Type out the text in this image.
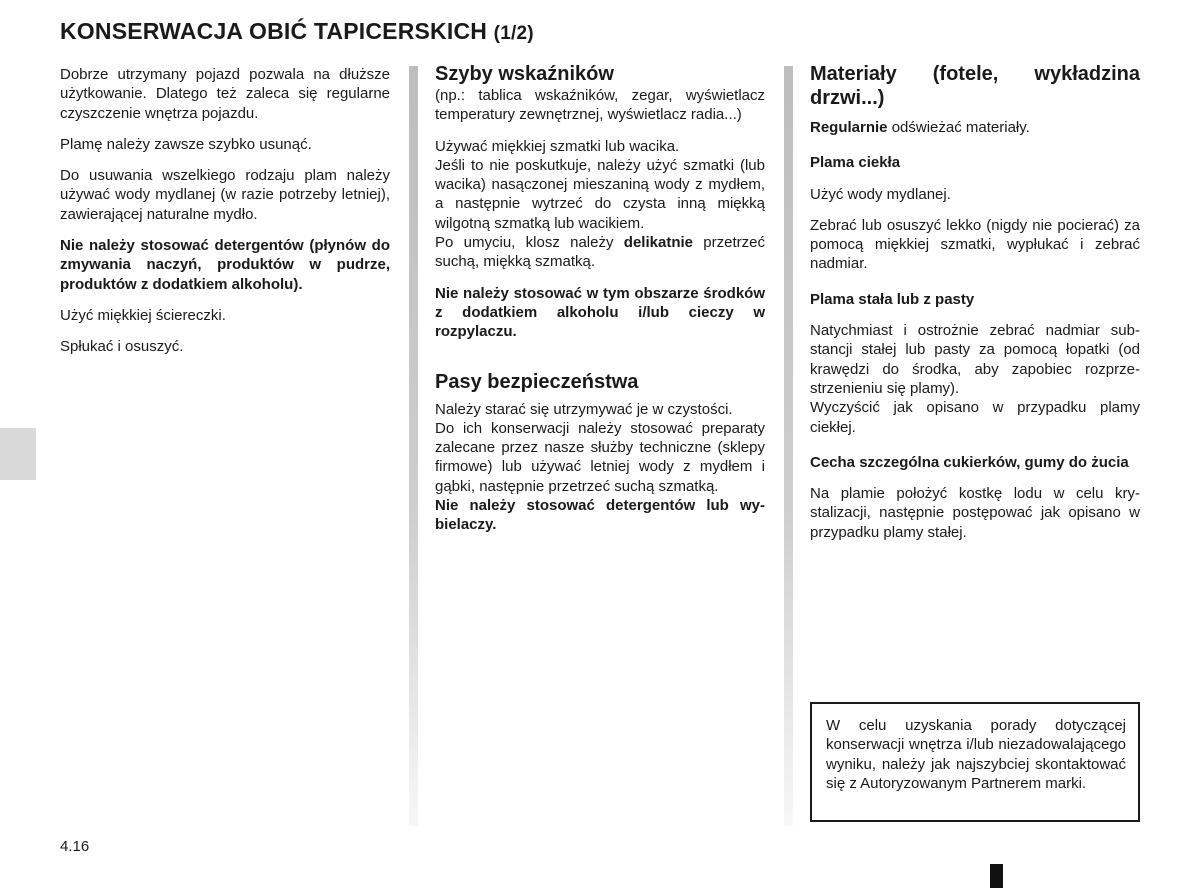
KONSERWACJA OBIĆ TAPICERSKICH (1/2)

Dobrze utrzymany pojazd pozwala na dłuższe użytkowanie. Dlatego też zaleca się regularne czyszczenie wnętrza pojazdu.

Plamę należy zawsze szybko usunąć.

Do usuwania wszelkiego rodzaju plam należy używać wody mydlanej (w razie potrzeby letniej), zawierającej naturalne mydło.

Nie należy stosować detergentów (płynów do zmywania naczyń, produktów w pudrze, produktów z dodatkiem alkoholu).

Użyć miękkiej ściereczki.

Spłukać i osuszyć.

Szyby wskaźników

(np.: tablica wskaźników, zegar, wyświetlacz temperatury zewnętrznej, wyświetlacz radia...)

Używać miękkiej szmatki lub wacika.
Jeśli to nie poskutkuje, należy użyć szmatki (lub wacika) nasączonej mieszaniną wody z mydłem, a następnie wytrzeć do czysta inną miękką wilgotną szmatką lub wacikiem.
Po umyciu, klosz należy delikatnie przetrzeć suchą, miękką szmatką.

Nie należy stosować w tym obszarze środków z dodatkiem alkoholu i/lub cieczy w rozpylaczu.

Pasy bezpieczeństwa

Należy starać się utrzymywać je w czystości.
Do ich konserwacji należy stosować preparaty zalecane przez nasze służby techniczne (sklepy firmowe) lub używać letniej wody z mydłem i gąbki, następnie przetrzeć suchą szmatką.
Nie należy stosować detergentów lub wybielaczy.

Materiały (fotele, wykładzina drzwi...)

Regularnie odświeżać materiały.

Plama ciekła

Użyć wody mydlanej.

Zebrać lub osuszyć lekko (nigdy nie pocierać) za pomocą miękkiej szmatki, wypłukać i zebrać nadmiar.

Plama stała lub z pasty

Natychmiast i ostrożnie zebrać nadmiar substancji stałej lub pasty za pomocą łopatki (od krawędzi do środka, aby zapobiec rozprzestrzenieniu się plamy).
Wyczyścić jak opisano w przypadku plamy ciekłej.

Cecha szczególna cukierków, gumy do żucia

Na plamie położyć kostkę lodu w celu krystalizacji, następnie postępować jak opisano w przypadku plamy stałej.

W celu uzyskania porady dotyczącej konserwacji wnętrza i/lub niezadowalającego wyniku, należy jak najszybciej skontaktować się z Autoryzowanym Partnerem marki.
4.16
